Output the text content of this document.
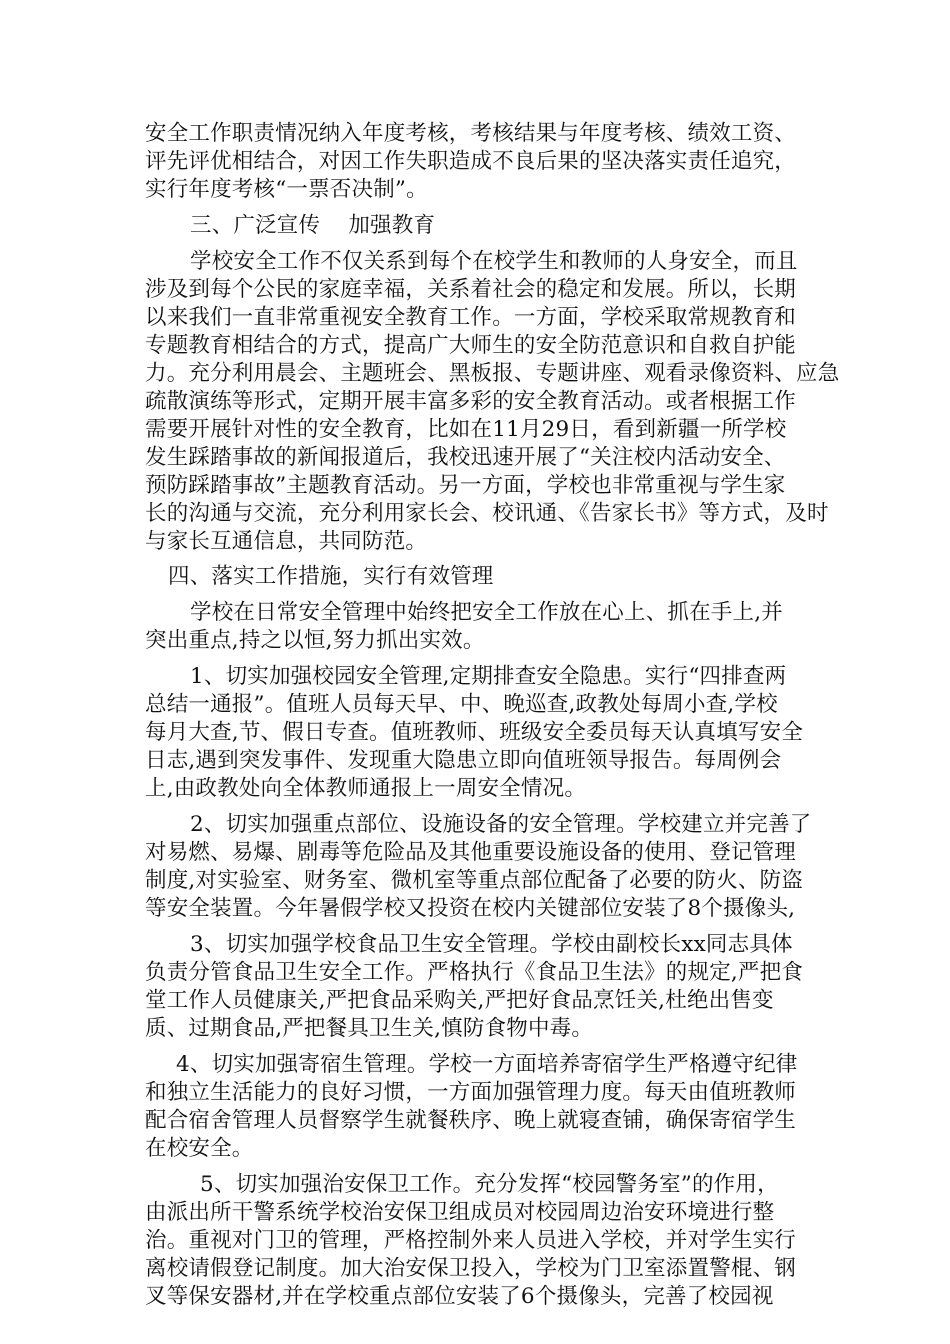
安全工作职责情况纳入年度考核，考核结果与年度考核、绩效工资、
评先评优相结合，对因工作失职造成不良后果的坚决落实责任追究，
实行年度考核“一票否决制”。
三、广泛宣传    加强教育
学校安全工作不仅关系到每个在校学生和教师的人身安全，而且
涉及到每个公民的家庭幸福，关系着社会的稳定和发展。所以，长期
以来我们一直非常重视安全教育工作。一方面，学校采取常规教育和
专题教育相结合的方式，提高广大师生的安全防范意识和自救自护能
力。充分利用晨会、主题班会、黑板报、专题讲座、观看录像资料、应急
疏散演练等形式，定期开展丰富多彩的安全教育活动。或者根据工作
需要开展针对性的安全教育，比如在11月29日，看到新疆一所学校
发生踩踏事故的新闻报道后，我校迅速开展了“关注校内活动安全、
预防踩踏事故”主题教育活动。另一方面，学校也非常重视与学生家
长的沟通与交流，充分利用家长会、校讯通、《告家长书》等方式，及时
与家长互通信息，共同防范。
四、落实工作措施，实行有效管理
学校在日常安全管理中始终把安全工作放在心上、抓在手上,并
突出重点,持之以恒,努力抓出实效。
1、切实加强校园安全管理,定期排查安全隐患。实行“四排查两
总结一通报”。值班人员每天早、中、晚巡查,政教处每周小查,学校
每月大查,节、假日专查。值班教师、班级安全委员每天认真填写安全
日志,遇到突发事件、发现重大隐患立即向值班领导报告。每周例会
上,由政教处向全体教师通报上一周安全情况。
2、切实加强重点部位、设施设备的安全管理。学校建立并完善了
对易燃、易爆、剧毒等危险品及其他重要设施设备的使用、登记管理
制度,对实验室、财务室、微机室等重点部位配备了必要的防火、防盗
等安全装置。今年暑假学校又投资在校内关键部位安装了8个摄像头,
3、切实加强学校食品卫生安全管理。学校由副校长xx同志具体
负责分管食品卫生安全工作。严格执行《食品卫生法》的规定,严把食
堂工作人员健康关,严把食品采购关,严把好食品烹饪关,杜绝出售变
质、过期食品,严把餐具卫生关,慎防食物中毒。
4、切实加强寄宿生管理。学校一方面培养寄宿学生严格遵守纪律
和独立生活能力的良好习惯，一方面加强管理力度。每天由值班教师
配合宿舍管理人员督察学生就餐秩序、晚上就寝查铺，确保寄宿学生
在校安全。
5、切实加强治安保卫工作。充分发挥“校园警务室”的作用，
由派出所干警系统学校治安保卫组成员对校园周边治安环境进行整
治。重视对门卫的管理，严格控制外来人员进入学校，并对学生实行
离校请假登记制度。加大治安保卫投入，学校为门卫室添置警棍、钢
叉等保安器材,并在学校重点部位安装了6个摄像头，完善了校园视
